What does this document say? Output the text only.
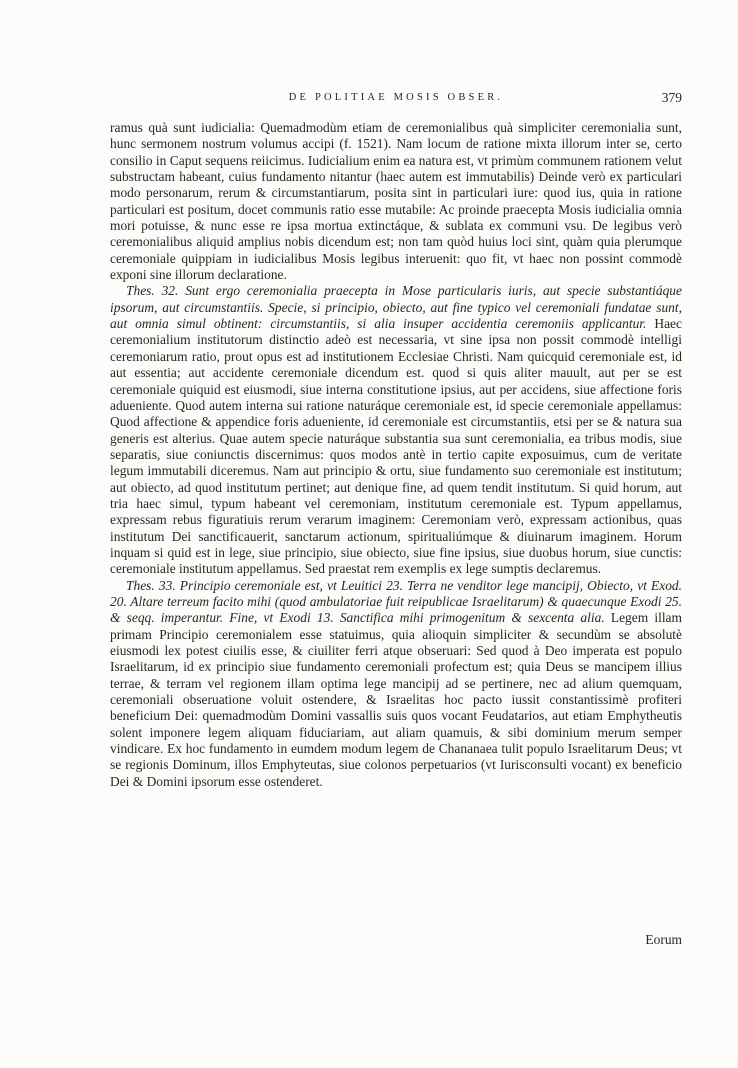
DE POLITIAE MOSIS OBSER.	379

ramus quà sunt iudicialia: Quemadmodùm etiam de ceremonialibus quà simpliciter ceremonialia sunt, hunc sermonem nostrum volumus accipi (f. 1521). Nam locum de ratione mixta illorum inter se, certo consilio in Caput sequens reiicimus. Iudicialium enim ea natura est, vt primùm communem rationem velut substructam habeant, cuius fundamento nitantur (haec autem est immutabilis) Deinde verò ex particulari modo personarum, rerum & circumstantiarum, posita sint in particulari iure: quod ius, quia in ratione particulari est positum, docet communis ratio esse mutabile: Ac proinde praecepta Mosis iudicialia omnia mori potuisse, & nunc esse re ipsa mortua extinctáque, & sublata ex communi vsu. De legibus verò ceremonialibus aliquid amplius nobis dicendum est; non tam quòd huius loci sint, quàm quia plerumque ceremoniale quippiam in iudicialibus Mosis legibus interuenit: quo fit, vt haec non possint commodè exponi sine illorum declaratione.

Thes. 32. Sunt ergo ceremonialia praecepta in Mose particularis iuris, aut specie substantiáque ipsorum, aut circumstantiis. Specie, si principio, obiecto, aut fine typico vel ceremoniali fundatae sunt, aut omnia simul obtinent: circumstantiis, si alia insuper accidentia ceremoniis applicantur. Haec ceremonialium institutorum distinctio adeò est necessaria, vt sine ipsa non possit commodè intelligi ceremoniarum ratio, prout opus est ad institutionem Ecclesiae Christi. Nam quicquid ceremoniale est, id aut essentia; aut accidente ceremoniale dicendum est. quod si quis aliter mauult, aut per se est ceremoniale quiquid est eiusmodi, siue interna constitutione ipsius, aut per accidens, siue affectione foris adueniente. Quod autem interna sui ratione naturáque ceremoniale est, id specie ceremoniale appellamus: Quod affectione & appendice foris adueniente, id ceremoniale est circumstantiis, etsi per se & natura sua generis est alterius. Quae autem specie naturáque substantia sua sunt ceremonialia, ea tribus modis, siue separatis, siue coniunctis discernimus: quos modos antè in tertio capite exposuimus, cum de veritate legum immutabili diceremus. Nam aut principio & ortu, siue fundamento suo ceremoniale est institutum; aut obiecto, ad quod institutum pertinet; aut denique fine, ad quem tendit institutum. Si quid horum, aut tria haec simul, typum habeant vel ceremoniam, institutum ceremoniale est. Typum appellamus, expressam rebus figuratiuis rerum verarum imaginem: Ceremoniam verò, expressam actionibus, quas institutum Dei sanctificauerit, sanctarum actionum, spiritualiúmque & diuinarum imaginem. Horum inquam si quid est in lege, siue principio, siue obiecto, siue fine ipsius, siue duobus horum, siue cunctis: ceremoniale institutum appellamus. Sed praestat rem exemplis ex lege sumptis declaremus.

Thes. 33. Principio ceremoniale est, vt Leuitici 23. Terra ne venditor lege mancipij, Obiecto, vt Exod. 20. Altare terreum facito mihi (quod ambulatoriae fuit reipublicae Israelitarum) & quaecunque Exodi 25. & seqq. imperantur. Fine, vt Exodi 13. Sanctifica mihi primogenitum & sexcenta alia. Legem illam primam Principio ceremonialem esse statuimus, quia alioquin simpliciter & secundùm se absolutè eiusmodi lex potest ciuilis esse, & ciuiliter ferri atque obseruari: Sed quod à Deo imperata est populo Israelitarum, id ex principio siue fundamento ceremoniali profectum est; quia Deus se mancipem illius terrae, & terram vel regionem illam optima lege mancipij ad se pertinere, nec ad alium quemquam, ceremoniali obseruatione voluit ostendere, & Israelitas hoc pacto iussit constantissimè profiteri beneficium Dei: quemadmodùm Domini vassallis suis quos vocant Feudatarios, aut etiam Emphytheutis solent imponere legem aliquam fiduciariam, aut aliam quamuis, & sibi dominium merum semper vindicare. Ex hoc fundamento in eumdem modum legem de Chananaea tulit populo Israelitarum Deus; vt se regionis Dominum, illos Emphyteutas, siue colonos perpetuarios (vt Iurisconsulti vocant) ex beneficio Dei & Domini ipsorum esse ostenderet.

Eorum
